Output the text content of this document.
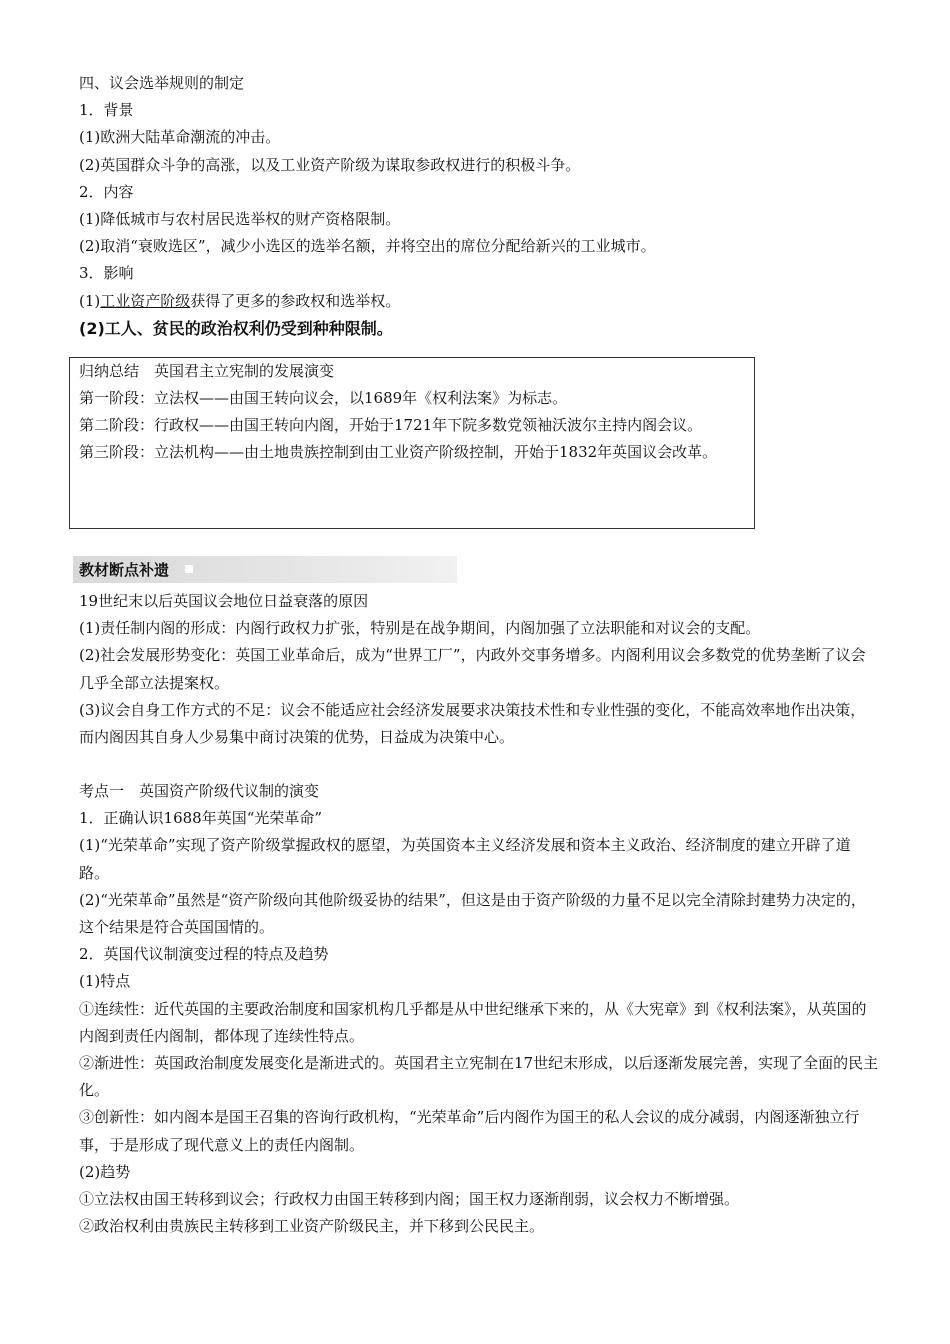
四、议会选举规则的制定
1．背景
(1)欧洲大陆革命潮流的冲击。
(2)英国群众斗争的高涨，以及工业资产阶级为谋取参政权进行的积极斗争。
2．内容
(1)降低城市与农村居民选举权的财产资格限制。
(2)取消“衰败选区”，减少小选区的选举名额，并将空出的席位分配给新兴的工业城市。
3．影响
(1)工业资产阶级获得了更多的参政权和选举权。
(2)工人、贫民的政治权利仍受到种种限制。
归纳总结　英国君主立宪制的发展演变
第一阶段：立法权——由国王转向议会，以1689年《权利法案》为标志。
第二阶段：行政权——由国王转向内阁，开始于1721年下院多数党领袖沃波尔主持内阁会议。
第三阶段：立法机构——由土地贵族控制到由工业资产阶级控制，开始于1832年英国议会改革。
教材断点补遗
19世纪末以后英国议会地位日益衰落的原因
(1)责任制内阁的形成：内阁行政权力扩张，特别是在战争期间，内阁加强了立法职能和对议会的支配。
(2)社会发展形势变化：英国工业革命后，成为“世界工厂”，内政外交事务增多。内阁利用议会多数党的优势垄断了议会几乎全部立法提案权。
(3)议会自身工作方式的不足：议会不能适应社会经济发展要求决策技术性和专业性强的变化，不能高效率地作出决策，而内阁因其自身人少易集中商讨决策的优势，日益成为决策中心。
考点一　英国资产阶级代议制的演变
1．正确认识1688年英国“光荣革命”
(1)“光荣革命”实现了资产阶级掌握政权的愿望，为英国资本主义经济发展和资本主义政治、经济制度的建立开辟了道路。
(2)“光荣革命”虽然是“资产阶级向其他阶级妥协的结果”，但这是由于资产阶级的力量不足以完全清除封建势力决定的，这个结果是符合英国国情的。
2．英国代议制演变过程的特点及趋势
(1)特点
①连续性：近代英国的主要政治制度和国家机构几乎都是从中世纪继承下来的，从《大宪章》到《权利法案》，从英国的内阁到责任内阁制，都体现了连续性特点。
②渐进性：英国政治制度发展变化是渐进式的。英国君主立宪制在17世纪末形成，以后逐渐发展完善，实现了全面的民主化。
③创新性：如内阁本是国王召集的咨询行政机构，“光荣革命”后内阁作为国王的私人会议的成分减弱，内阁逐渐独立行事，于是形成了现代意义上的责任内阁制。
(2)趋势
①立法权由国王转移到议会；行政权力由国王转移到内阁；国王权力逐渐削弱，议会权力不断增强。
②政治权利由贵族民主转移到工业资产阶级民主，并下移到公民民主。
